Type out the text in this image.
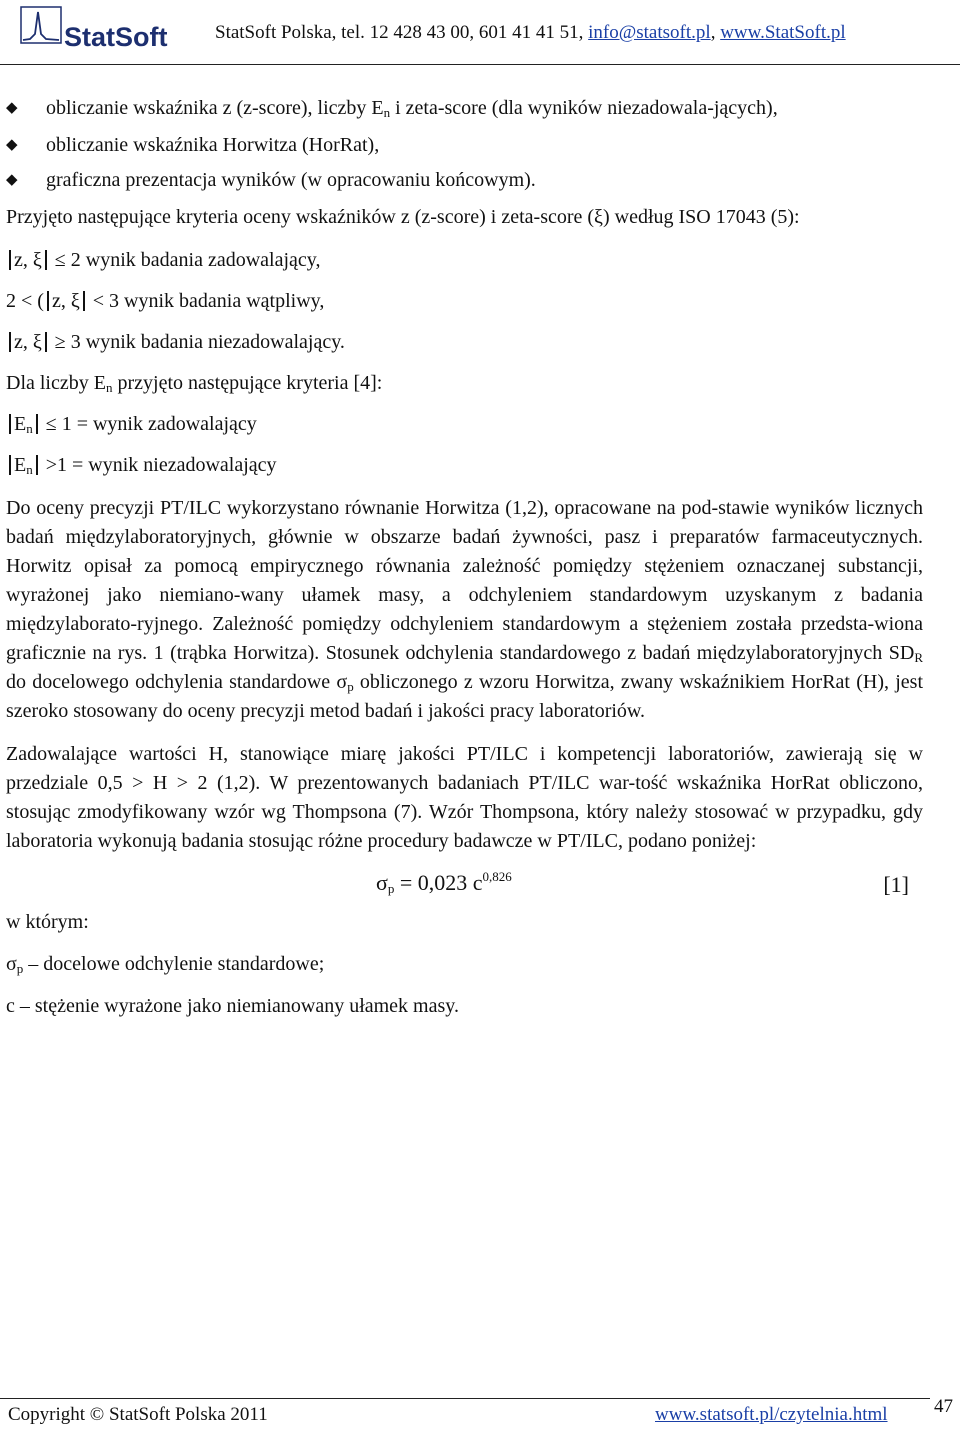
StatSoft	StatSoft Polska, tel. 12 428 43 00, 601 41 41 51, info@statsoft.pl, www.StatSoft.pl
◆	obliczanie wskaźnika z (z-score), liczby $E_n$ i zeta-score (dla wyników niezadowala-jących),
◆	obliczanie wskaźnika Horwitza (HorRat),
◆	graficzna prezentacja wyników (w opracowaniu końcowym).

Przyjęto następujące kryteria oceny wskaźników z (z-score) i zeta-score (ξ) według ISO 17043 (5):

z, ξ ≤ 2 wynik badania zadowalający,

2 < ( z, ξ < 3 wynik badania wątpliwy,

z, ξ ≥ 3 wynik badania niezadowalający.

Dla liczby $E_n$ przyjęto następujące kryteria [4]:

$E_n \le 1$ = wynik zadowalający

$E_n >1$ = wynik niezadowalający

Do oceny precyzji PT/ILC wykorzystano równanie Horwitza (1,2), opracowane na pod-stawie wyników licznych badań międzylaboratoryjnych, głównie w obszarze badań żywności, pasz i preparatów farmaceutycznych. Horwitz opisał za pomocą empirycznego równania zależność pomiędzy stężeniem oznaczanej substancji, wyrażonej jako niemiano-wany ułamek masy, a odchyleniem standardowym uzyskanym z badania międzylaborato-ryjnego. Zależność pomiędzy odchyleniem standardowym a stężeniem została przedsta-wiona graficznie na rys. 1 (trąbka Horwitza). Stosunek odchylenia standardowego z badań międzylaboratoryjnych $SD_R$ do docelowego odchylenia standardowe $\sigma_p$ obliczonego z wzoru Horwitza, zwany wskaźnikiem HorRat (H), jest szeroko stosowany do oceny precyzji metod badań i jakości pracy laboratoriów.

Zadowalające wartości H, stanowiące miarę jakości PT/ILC i kompetencji laboratoriów, zawierają się w przedziale 0,5 > H > 2 (1,2). W prezentowanych badaniach PT/ILC war-tość wskaźnika HorRat obliczono, stosując zmodyfikowany wzór wg Thompsona (7). Wzór Thompsona, który należy stosować w przypadku, gdy laboratoria wykonują badania stosując różne procedury badawcze w PT/ILC, podano poniżej:

$\sigma_p = 0,023$ $c^{0,826}$	[1]

w którym:

$\sigma_p$ – docelowe odchylenie standardowe;

c – stężenie wyrażone jako niemianowany ułamek masy.

Copyright © StatSoft Polska 2011	www.statsoft.pl/czytelnia.html 47
